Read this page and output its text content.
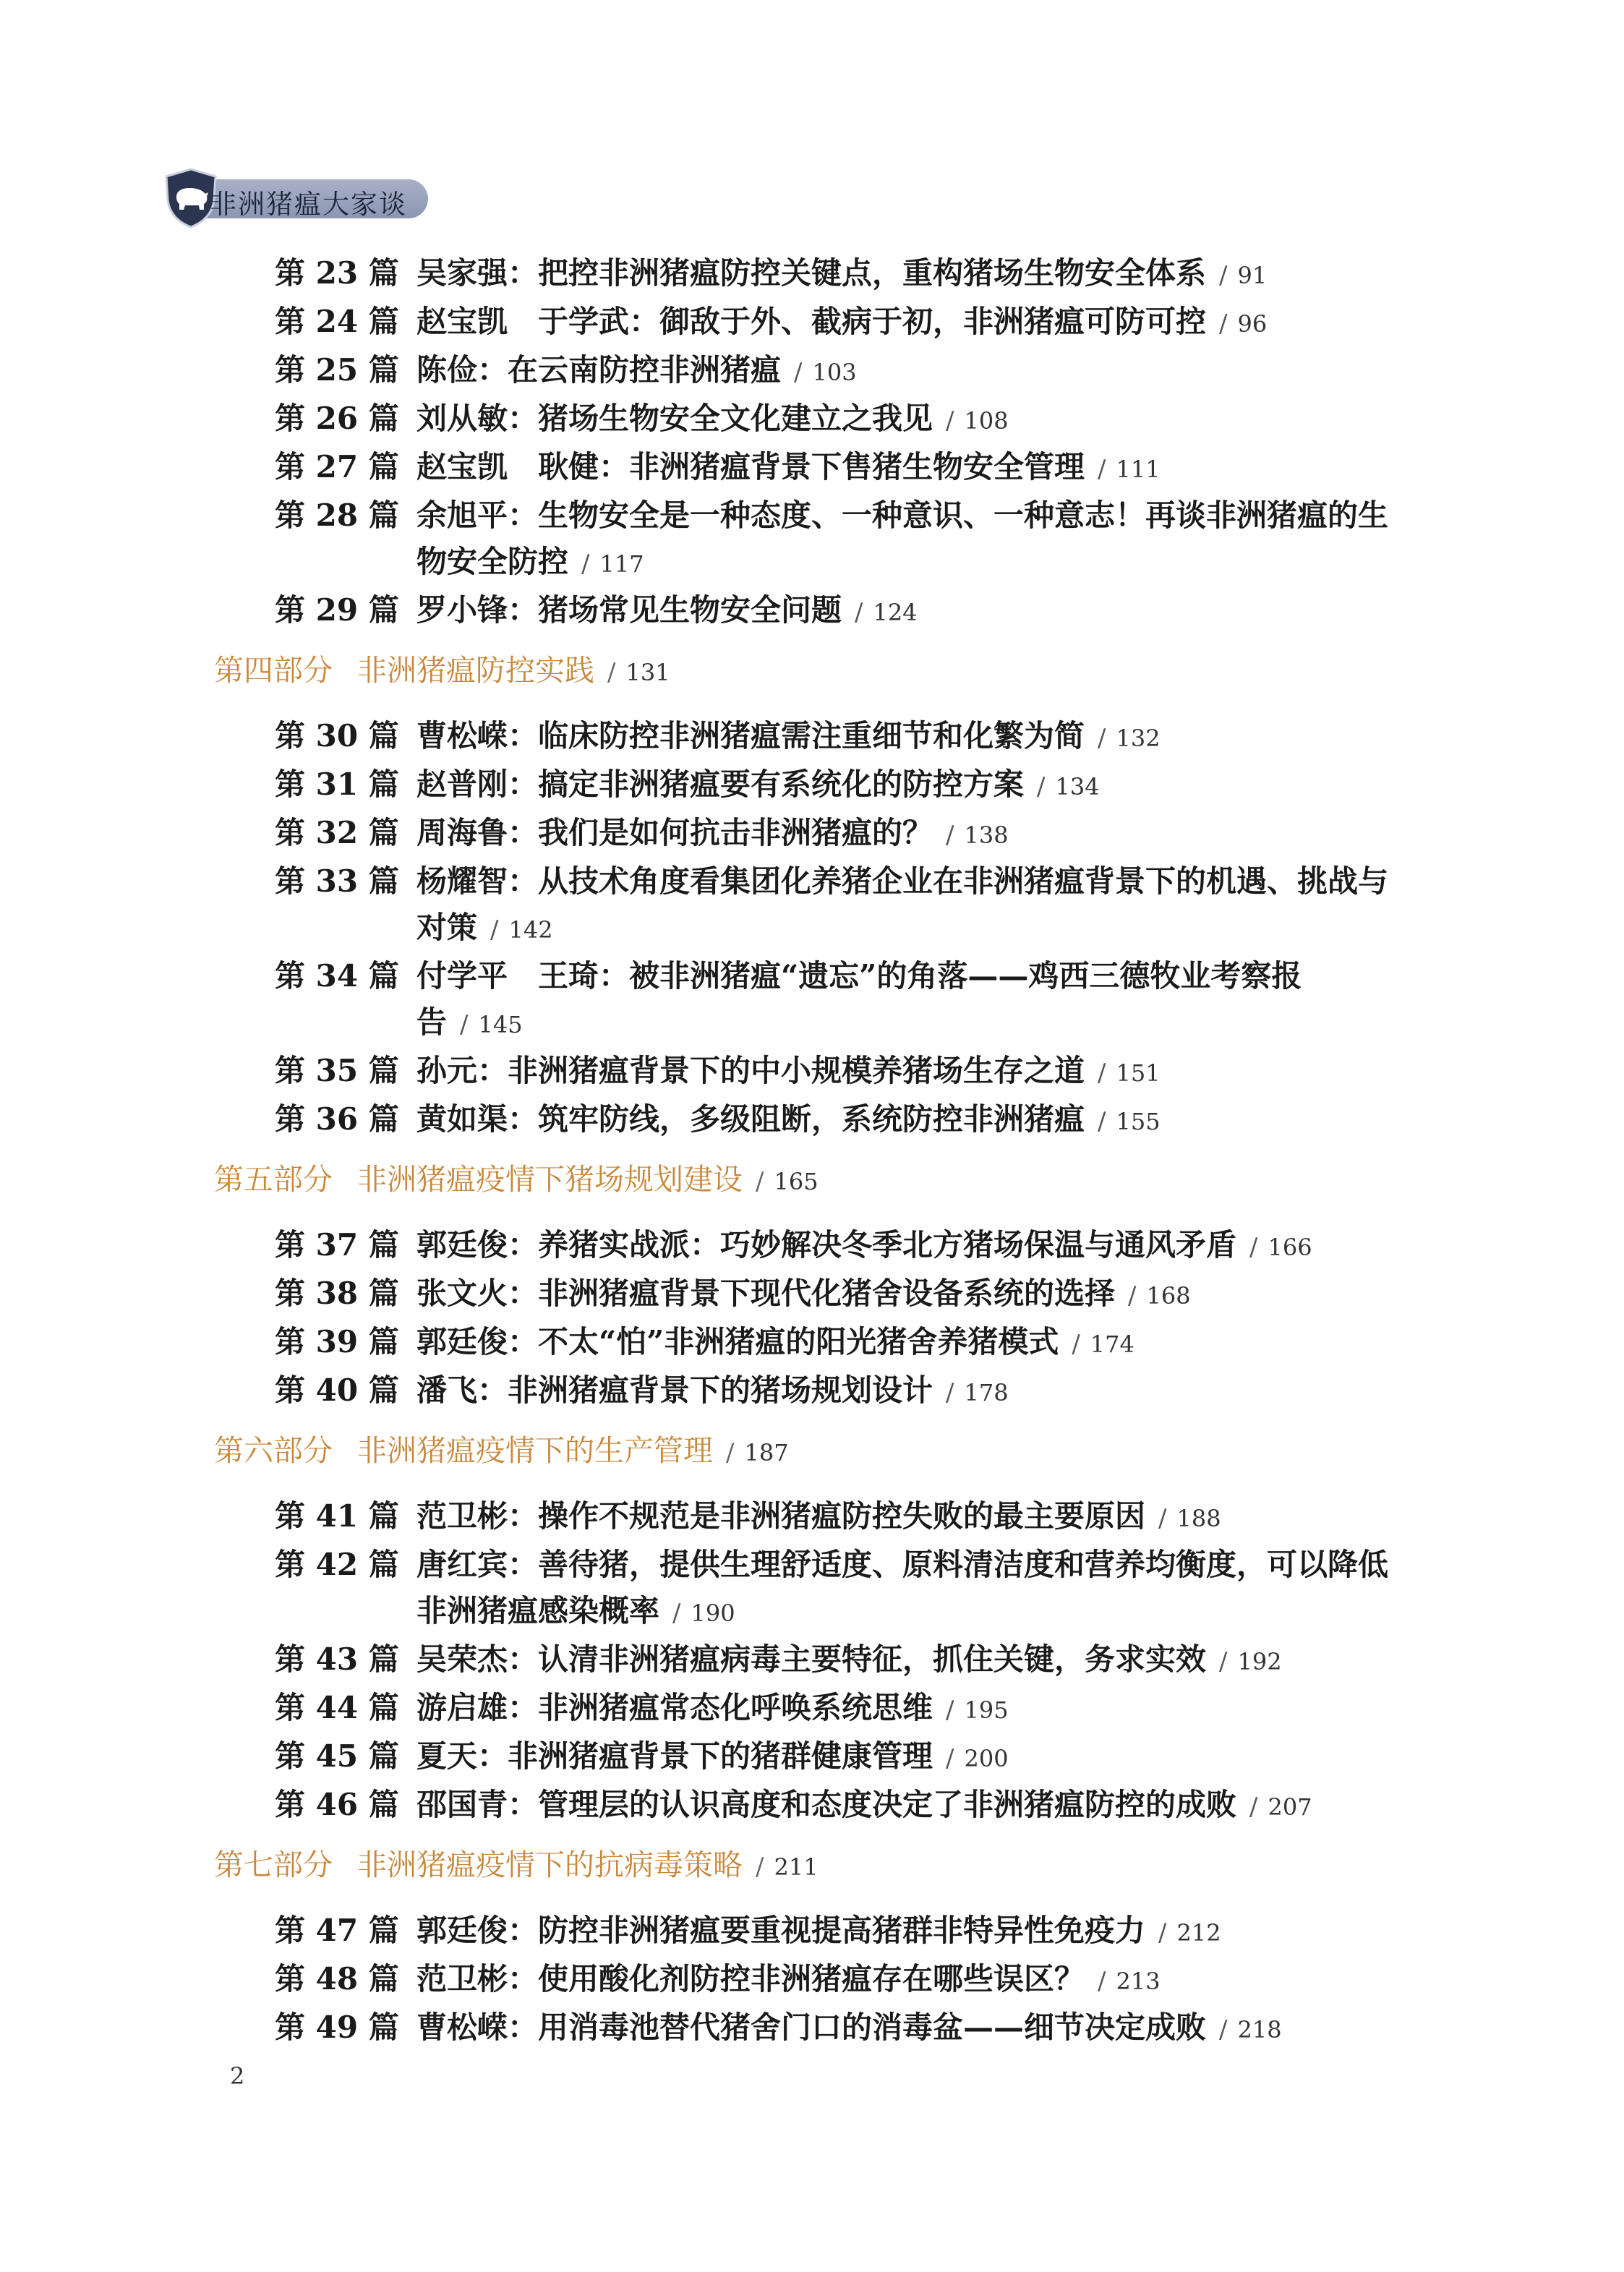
非洲猪瘟大家谈
第 23 篇 吴家强：把控非洲猪瘟防控关键点，重构猪场生物安全体系 / 91
第 24 篇 赵宝凯　于学武：御敌于外、截病于初，非洲猪瘟可防可控 / 96
第 25 篇 陈俭：在云南防控非洲猪瘟 / 103
第 26 篇 刘从敏：猪场生物安全文化建立之我见 / 108
第 27 篇 赵宝凯　耿健：非洲猪瘟背景下售猪生物安全管理 / 111
第 28 篇 余旭平：生物安全是一种态度、一种意识、一种意志！再谈非洲猪瘟的生物安全防控 / 117
第 29 篇 罗小锋：猪场常见生物安全问题 / 124
第四部分 非洲猪瘟防控实践 / 131
第 30 篇 曹松嵘：临床防控非洲猪瘟需注重细节和化繁为简 / 132
第 31 篇 赵普刚：搞定非洲猪瘟要有系统化的防控方案 / 134
第 32 篇 周海鲁：我们是如何抗击非洲猪瘟的？ / 138
第 33 篇 杨耀智：从技术角度看集团化养猪企业在非洲猪瘟背景下的机遇、挑战与对策 / 142
第 34 篇 付学平　王琦：被非洲猪瘟“遗忘”的角落——鸡西三德牧业考察报告 / 145
第 35 篇 孙元：非洲猪瘟背景下的中小规模养猪场生存之道 / 151
第 36 篇 黄如渠：筑牢防线，多级阻断，系统防控非洲猪瘟 / 155
第五部分 非洲猪瘟疫情下猪场规划建设 / 165
第 37 篇 郭廷俊：养猪实战派：巧妙解决冬季北方猪场保温与通风矛盾 / 166
第 38 篇 张文火：非洲猪瘟背景下现代化猪舍设备系统的选择 / 168
第 39 篇 郭廷俊：不太“怕”非洲猪瘟的阳光猪舍养猪模式 / 174
第 40 篇 潘飞：非洲猪瘟背景下的猪场规划设计 / 178
第六部分 非洲猪瘟疫情下的生产管理 / 187
第 41 篇 范卫彬：操作不规范是非洲猪瘟防控失败的最主要原因 / 188
第 42 篇 唐红宾：善待猪，提供生理舒适度、原料清洁度和营养均衡度，可以降低非洲猪瘟感染概率 / 190
第 43 篇 吴荣杰：认清非洲猪瘟病毒主要特征，抓住关键，务求实效 / 192
第 44 篇 游启雄：非洲猪瘟常态化呼唤系统思维 / 195
第 45 篇 夏天：非洲猪瘟背景下的猪群健康管理 / 200
第 46 篇 邵国青：管理层的认识高度和态度决定了非洲猪瘟防控的成败 / 207
第七部分 非洲猪瘟疫情下的抗病毒策略 / 211
第 47 篇 郭廷俊：防控非洲猪瘟要重视提高猪群非特异性免疫力 / 212
第 48 篇 范卫彬：使用酸化剂防控非洲猪瘟存在哪些误区？ / 213
第 49 篇 曹松嵘：用消毒池替代猪舍门口的消毒盆——细节决定成败 / 218
2
